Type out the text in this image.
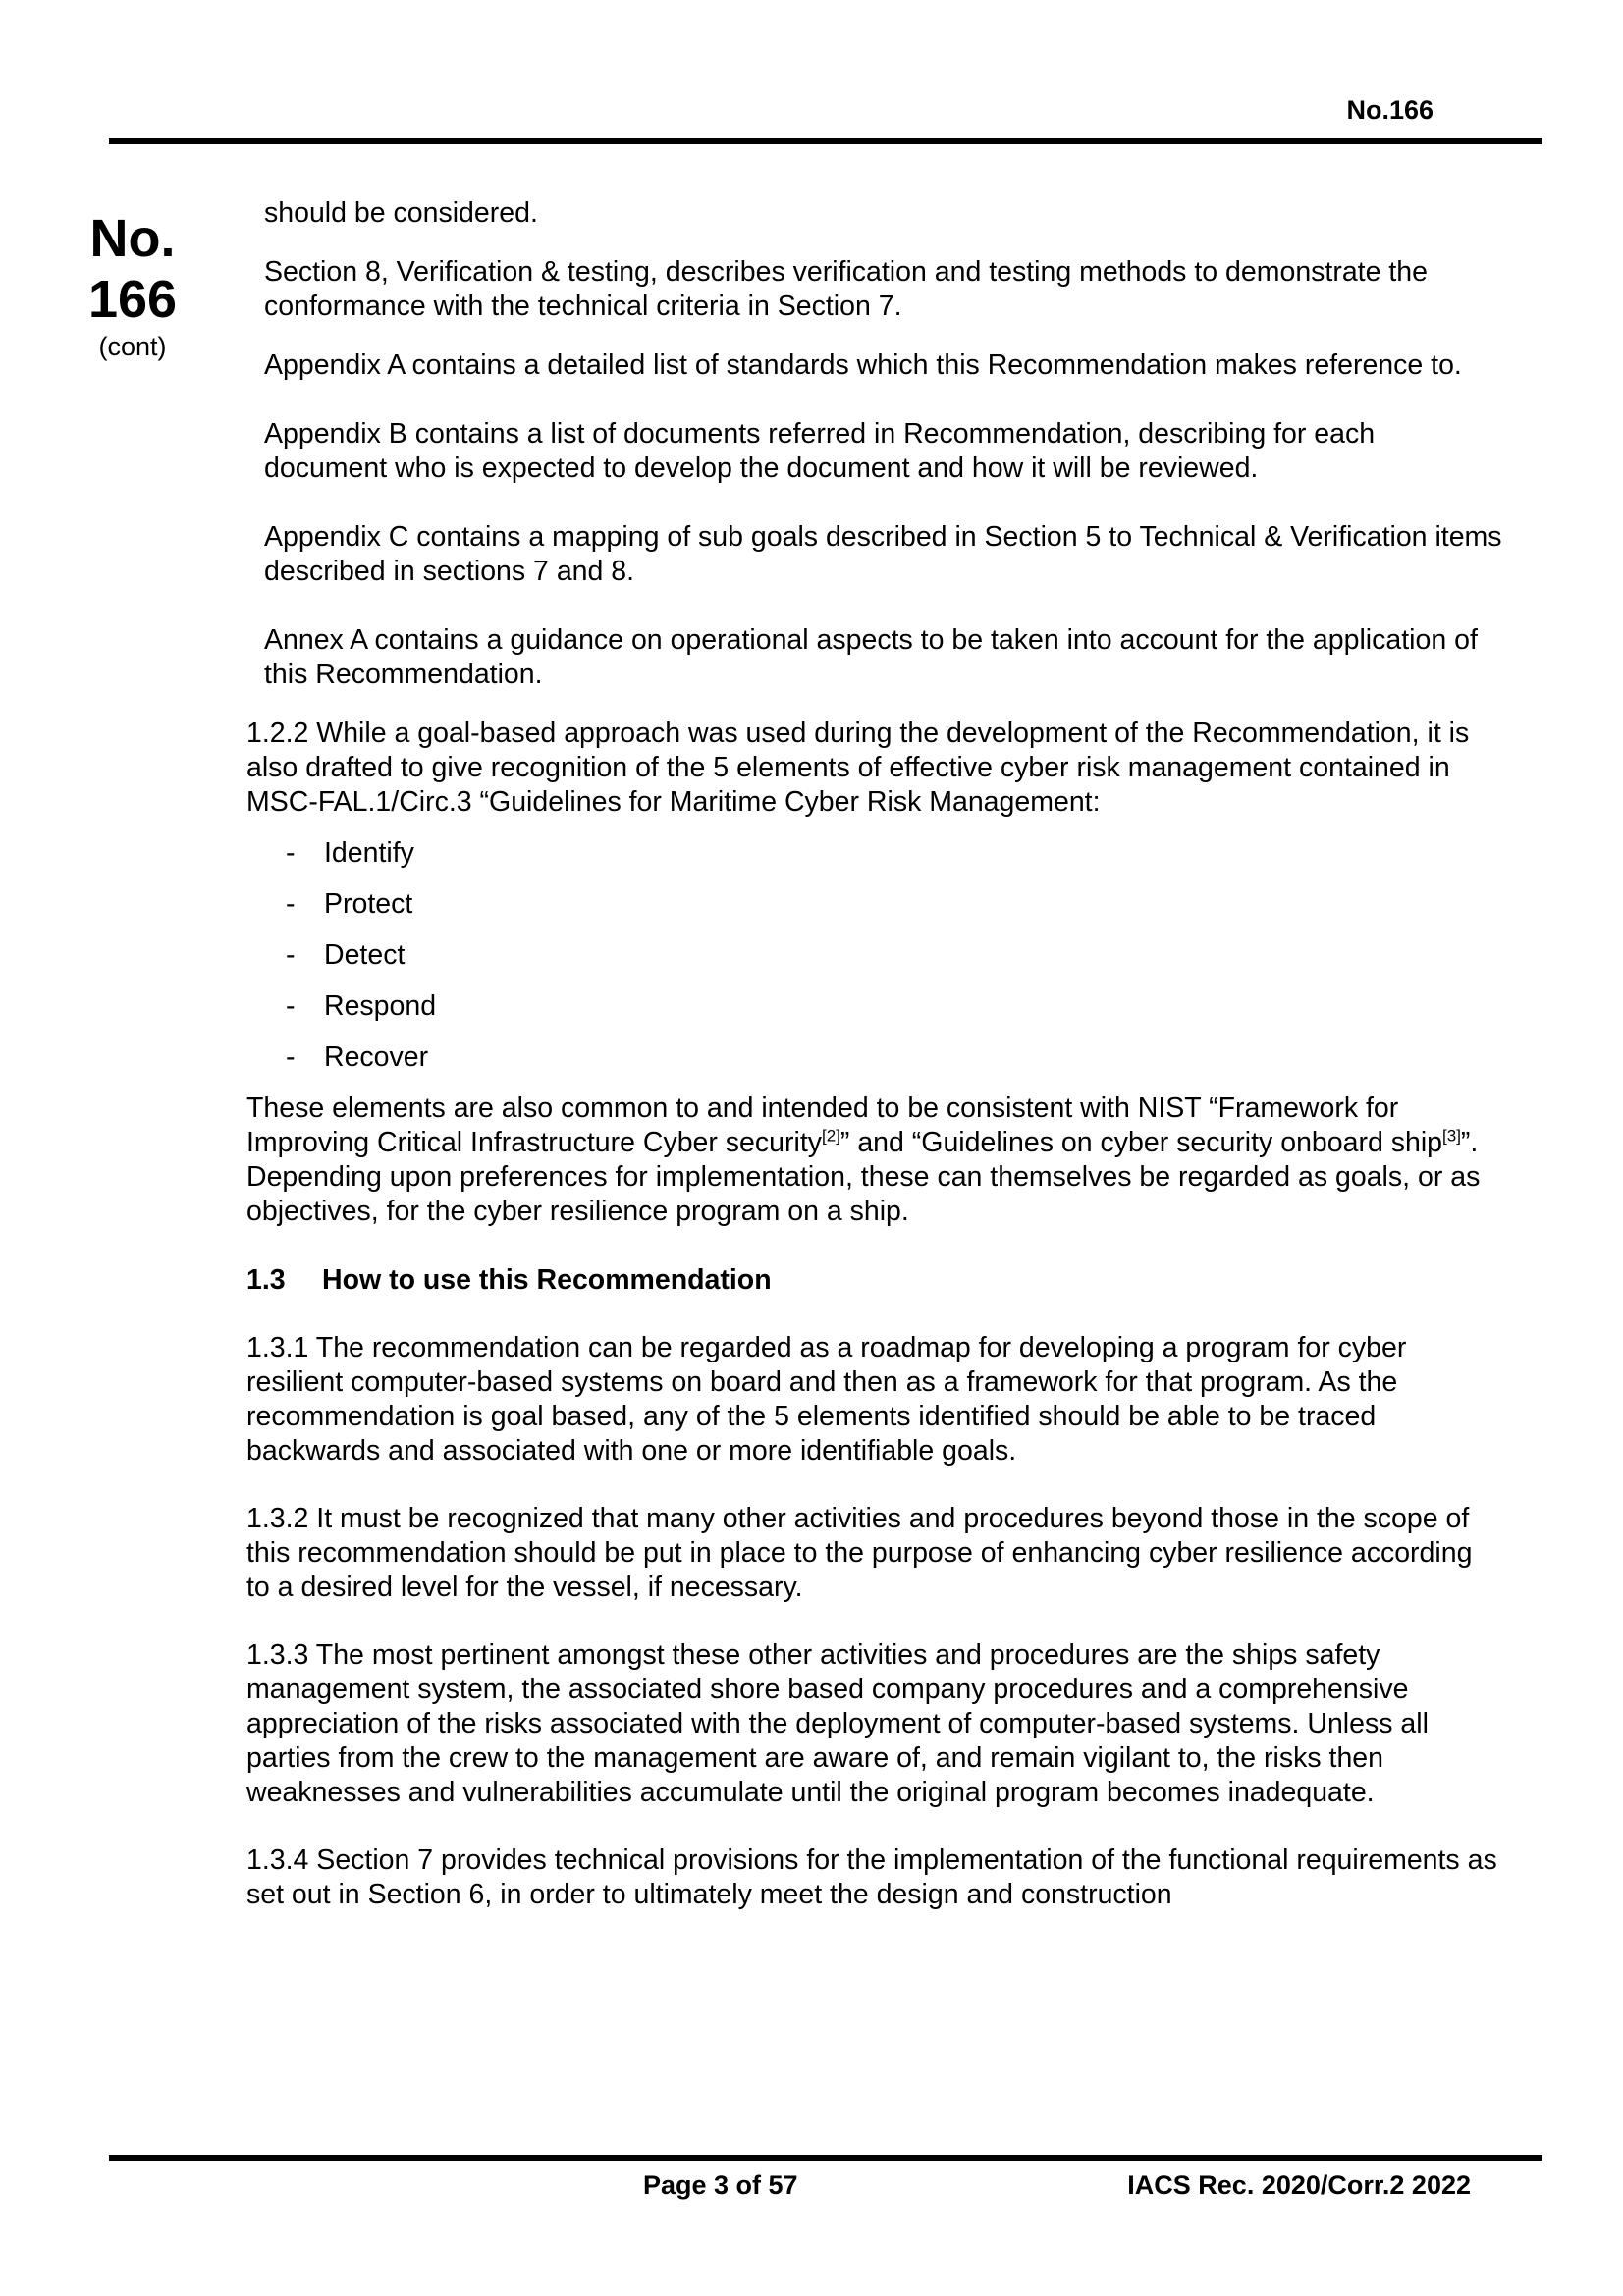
No.166
No.
166
(cont)

should be considered.

Section 8, Verification & testing, describes verification and testing methods to demonstrate the conformance with the technical criteria in Section 7.

Appendix A contains a detailed list of standards which this Recommendation makes reference to.

Appendix B contains a list of documents referred in Recommendation, describing for each document who is expected to develop the document and how it will be reviewed.

Appendix C contains a mapping of sub goals described in Section 5 to Technical & Verification items described in sections 7 and 8.

Annex A contains a guidance on operational aspects to be taken into account for the application of this Recommendation.

1.2.2 While a goal-based approach was used during the development of the Recommendation, it is also drafted to give recognition of the 5 elements of effective cyber risk management contained in MSC-FAL.1/Circ.3 “Guidelines for Maritime Cyber Risk Management:

- Identify
- Protect
- Detect
- Respond
- Recover

These elements are also common to and intended to be consistent with NIST “Framework for Improving Critical Infrastructure Cyber security[2]” and “Guidelines on cyber security onboard ship[3]”. Depending upon preferences for implementation, these can themselves be regarded as goals, or as objectives, for the cyber resilience program on a ship.

1.3 How to use this Recommendation

1.3.1 The recommendation can be regarded as a roadmap for developing a program for cyber resilient computer-based systems on board and then as a framework for that program. As the recommendation is goal based, any of the 5 elements identified should be able to be traced backwards and associated with one or more identifiable goals.

1.3.2 It must be recognized that many other activities and procedures beyond those in the scope of this recommendation should be put in place to the purpose of enhancing cyber resilience according to a desired level for the vessel, if necessary.

1.3.3 The most pertinent amongst these other activities and procedures are the ships safety management system, the associated shore based company procedures and a comprehensive appreciation of the risks associated with the deployment of computer-based systems. Unless all parties from the crew to the management are aware of, and remain vigilant to, the risks then weaknesses and vulnerabilities accumulate until the original program becomes inadequate.

1.3.4 Section 7 provides technical provisions for the implementation of the functional requirements as set out in Section 6, in order to ultimately meet the design and construction

Page 3 of 57	IACS Rec. 2020/Corr.2 2022
